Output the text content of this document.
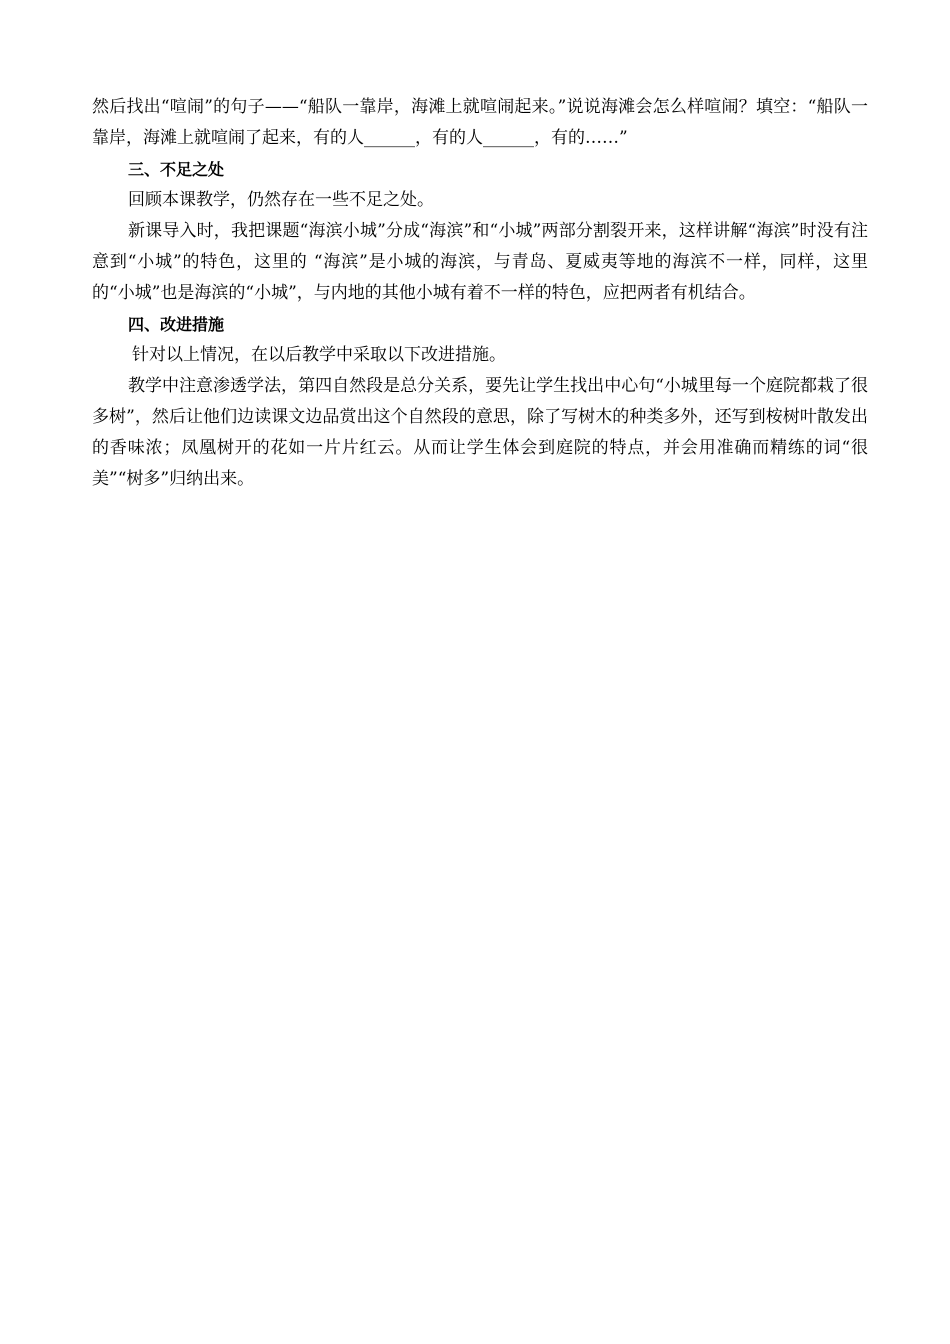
然后找出“喧闹”的句子——“船队一靠岸，海滩上就喧闹起来。”说说海滩会怎么样喧闹？填空：“船队一靠岸，海滩上就喧闹了起来，有的人______，有的人______，有的……”

三、不足之处

回顾本课教学，仍然存在一些不足之处。

新课导入时，我把课题“海滨小城”分成“海滨”和“小城”两部分割裂开来，这样讲解“海滨”时没有注意到“小城”的特色，这里的 “海滨”是小城的海滨，与青岛、夏威夷等地的海滨不一样，同样，这里的“小城”也是海滨的“小城”，与内地的其他小城有着不一样的特色，应把两者有机结合。

四、改进措施

针对以上情况，在以后教学中采取以下改进措施。

教学中注意渗透学法，第四自然段是总分关系，要先让学生找出中心句“小城里每一个庭院都栽了很多树”，然后让他们边读课文边品赏出这个自然段的意思，除了写树木的种类多外，还写到桉树叶散发出的香味浓；凤凰树开的花如一片片红云。从而让学生体会到庭院的特点，并会用准确而精练的词“很美”“树多”归纳出来。
